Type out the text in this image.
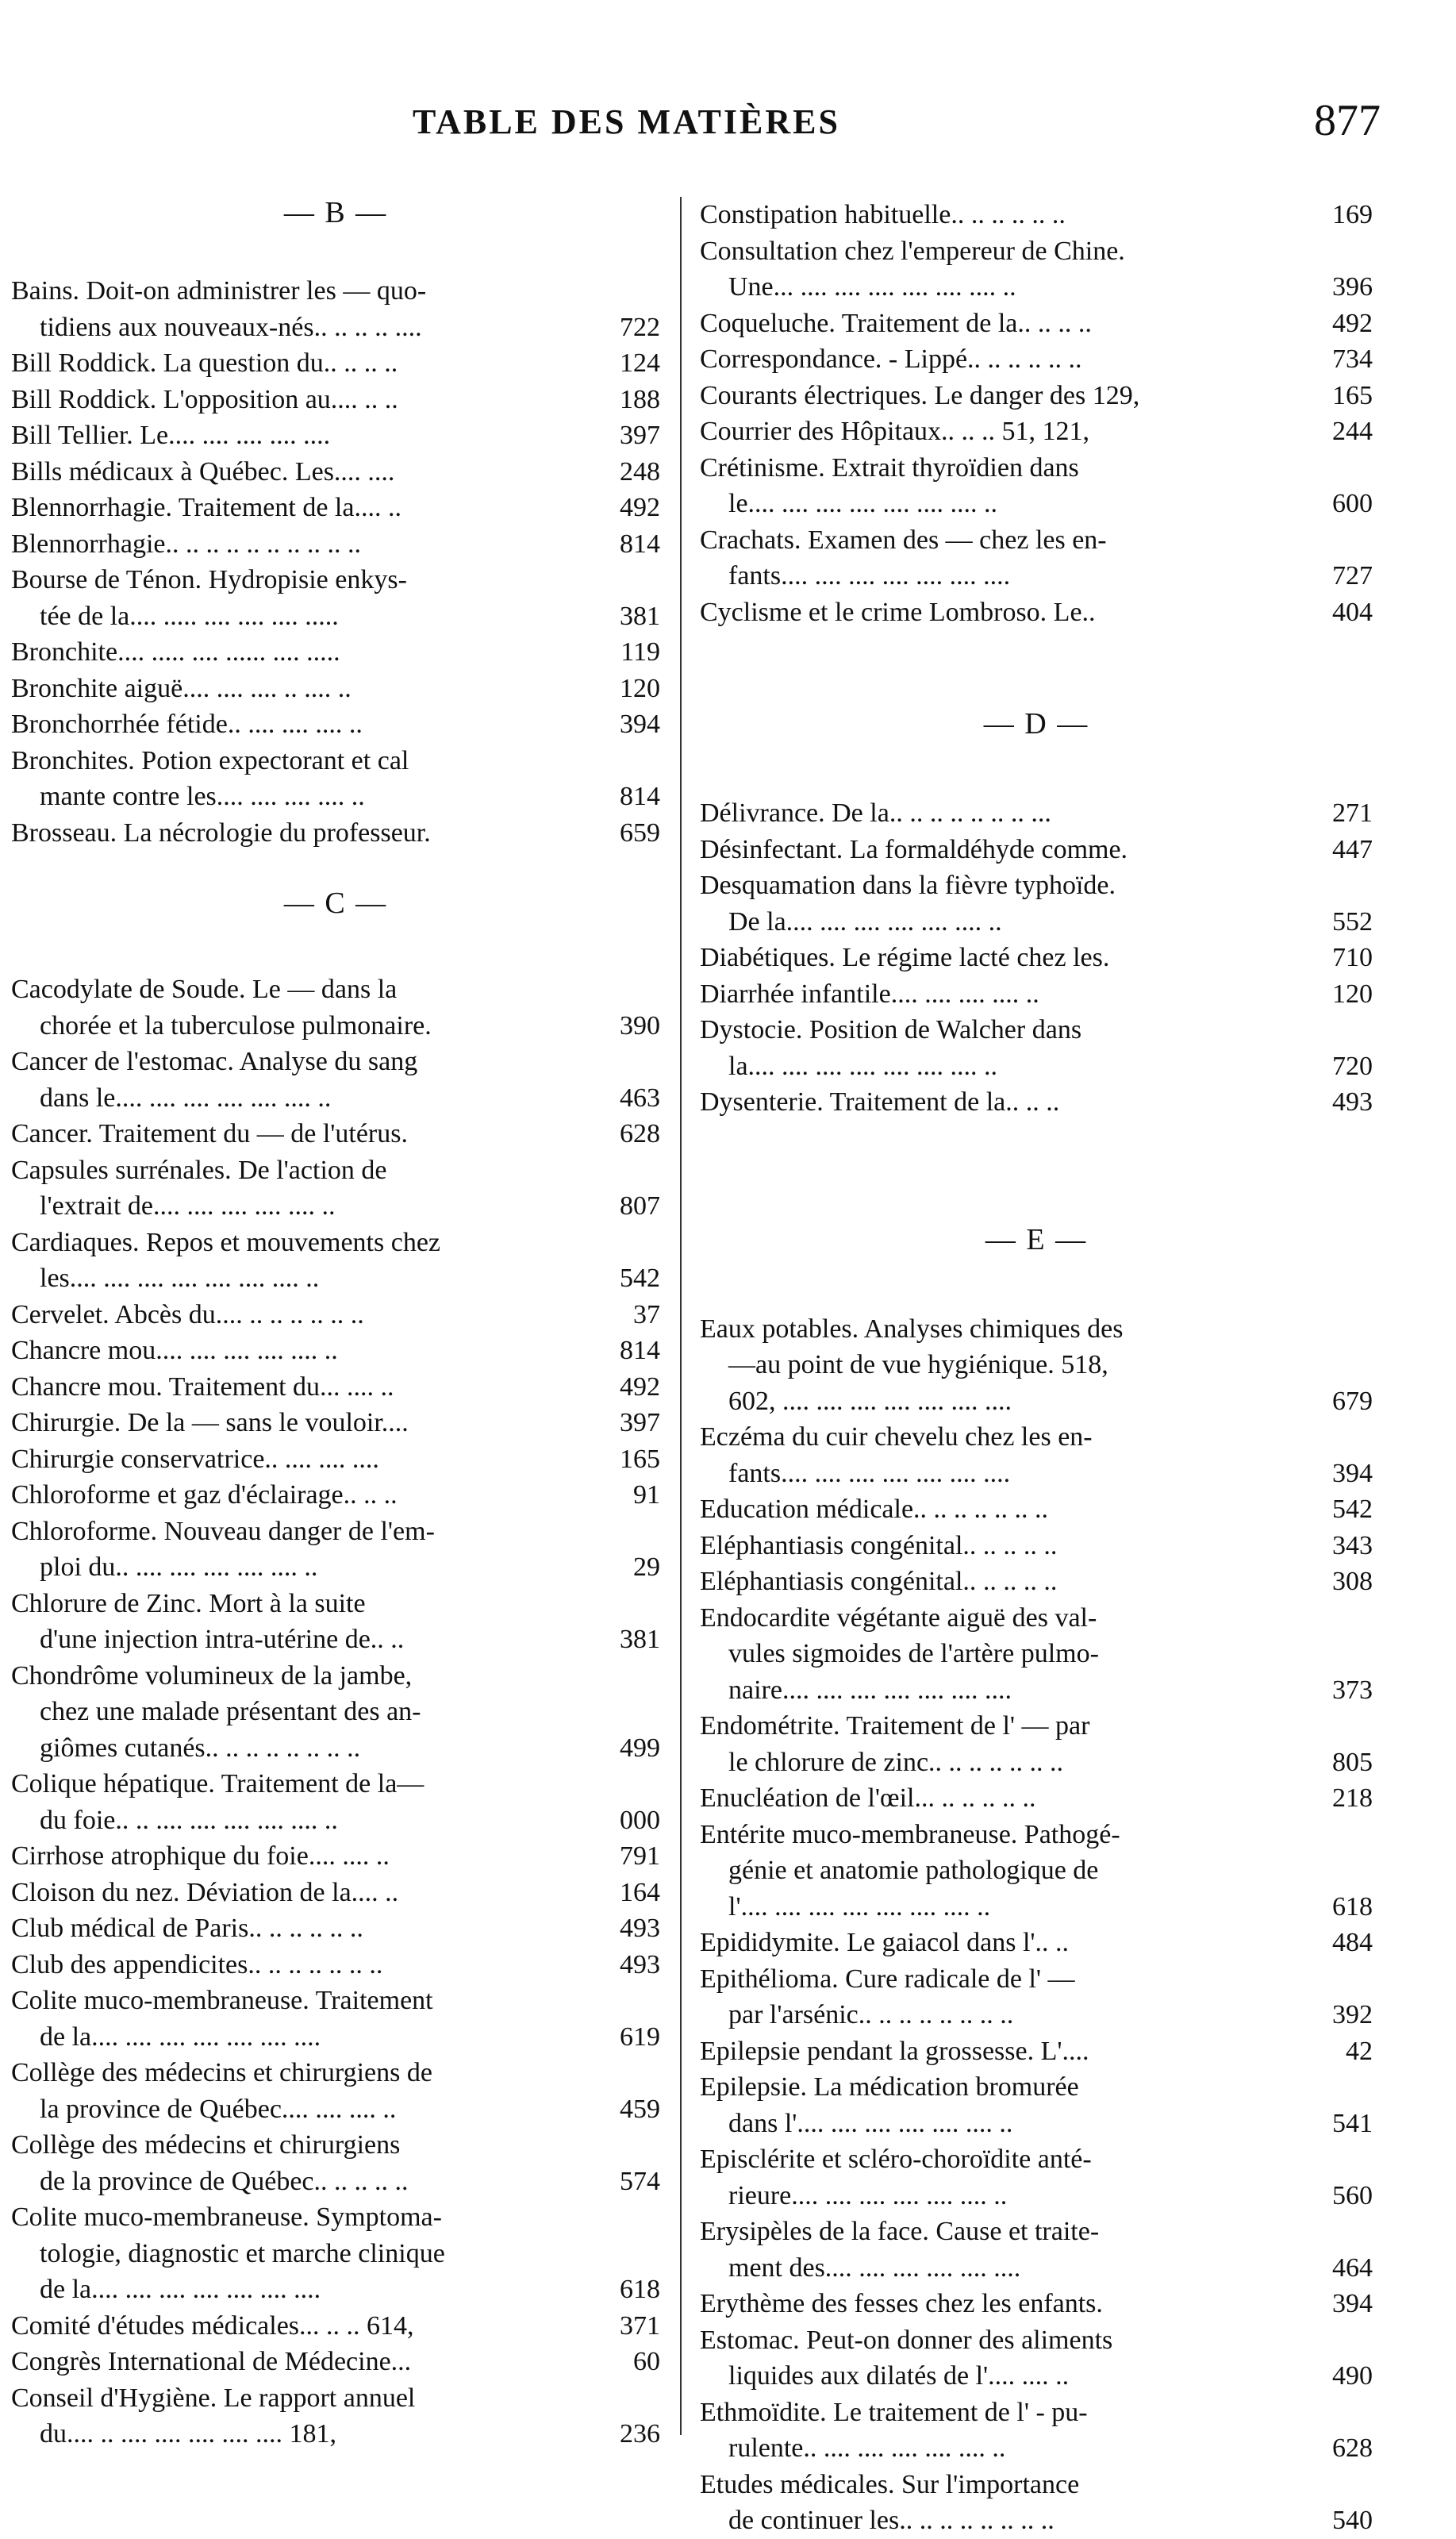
TABLE DES MATIÈRES	877
— B —
Bains. Doit-on administrer les — quo-
tidiens aux nouveaux-nés.. .. .. .. ....	722
Bill Roddick. La question du.. .. .. ..	124
Bill Roddick. L'opposition au.... .. ..	188
Bill Tellier. Le.... .... .... .... ....	397
Bills médicaux à Québec. Les.... ....	248
Blennorrhagie. Traitement de la.... ..	492
Blennorrhagie.. .. .. .. .. .. .. .. .. ..	814
Bourse de Ténon. Hydropisie enkys-
tée de la.... ..... .... .... .... .....	381
Bronchite.... ..... .... ...... .... .....	119
Bronchite aiguë.... .... .... .. .... ..	120
Bronchorrhée fétide.. .... .... .... ..	394
Bronchites. Potion expectorant et cal
mante contre les.... .... .... .... ..	814
Brosseau. La nécrologie du professeur.	659
— C —
Cacodylate de Soude. Le — dans la
chorée et la tuberculose pulmonaire.	390
Cancer de l'estomac. Analyse du sang
dans le.... .... .... .... .... .... ..	463
Cancer. Traitement du — de l'utérus.	628
Capsules surrénales. De l'action de
l'extrait de.... .... .... .... .... ..	807
Cardiaques. Repos et mouvements chez
les.... .... .... .... .... .... .... ..	542
Cervelet. Abcès du.... .. .. .. .. .. ..	37
Chancre mou.... .... .... .... .... ..	814
Chancre mou. Traitement du... .... ..	492
Chirurgie. De la — sans le vouloir....	397
Chirurgie conservatrice.. .... .... ....	165
Chloroforme et gaz d'éclairage.. .. ..	91
Chloroforme. Nouveau danger de l'em-
ploi du.. .... .... .... .... .... ..	29
Chlorure de Zinc. Mort à la suite
d'une injection intra-utérine de.. ..	381
Chondrôme volumineux de la jambe,
chez une malade présentant des an-
giômes cutanés.. .. .. .. .. .. .. ..	499
Colique hépatique. Traitement de la—
du foie.. .. .... .... .... .... .... ..	000
Cirrhose atrophique du foie.... .... ..	791
Cloison du nez. Déviation de la.... ..	164
Club médical de Paris.. .. .. .. .. ..	493
Club des appendicites.. .. .. .. .. .. ..	493
Colite muco-membraneuse. Traitement
de la.... .... .... .... .... .... ....	619
Collège des médecins et chirurgiens de
la province de Québec.... .... .... ..	459
Collège des médecins et chirurgiens
de la province de Québec.. .. .. .. ..	574
Colite muco-membraneuse. Symptoma-
tologie, diagnostic et marche clinique
de la.... .... .... .... .... .... ....	618
Comité d'études médicales... .. .. 614,	371
Congrès International de Médecine...	60
Conseil d'Hygiène. Le rapport annuel
du.... .. .... .... .... .... .... 181,	236
Constipation habituelle.. .. .. .. .. ..	169
Consultation chez l'empereur de Chine.
Une... .... .... .... .... .... .... ..	396
Coqueluche. Traitement de la.. .. .. ..	492
Correspondance. - Lippé.. .. .. .. .. ..	734
Courants électriques. Le danger des 129,	165
Courrier des Hôpitaux.. .. .. 51, 121,	244
Crétinisme. Extrait thyroïdien dans
le.... .... .... .... .... .... .... ..	600
Crachats. Examen des — chez les en-
fants.... .... .... .... .... .... ....	727
Cyclisme et le crime Lombroso. Le..	404
— D —
Délivrance. De la.. .. .. .. .. .. .. ...	271
Désinfectant. La formaldéhyde comme.	447
Desquamation dans la fièvre typhoïde.
De la.... .... .... .... .... .... ..	552
Diabétiques. Le régime lacté chez les.	710
Diarrhée infantile.... .... .... .... ..	120
Dystocie. Position de Walcher dans
la.... .... .... .... .... .... .... ..	720
Dysenterie. Traitement de la.. .. ..	493
— E —
Eaux potables. Analyses chimiques des
—au point de vue hygiénique. 518,
602, .... .... .... .... .... .... ....	679
Eczéma du cuir chevelu chez les en-
fants.... .... .... .... .... .... ....	394
Education médicale.. .. .. .. .. .. ..	542
Eléphantiasis congénital.. .. .. .. ..	343
Eléphantiasis congénital.. .. .. .. ..	308
Endocardite végétante aiguë des val-
vules sigmoides de l'artère pulmo-
naire.... .... .... .... .... .... ....	373
Endométrite. Traitement de l' — par
le chlorure de zinc.. .. .. .. .. .. ..	805
Enucléation de l'œil... .. .. .. .. ..	218
Entérite muco-membraneuse. Pathogé-
génie et anatomie pathologique de
l'.... .... .... .... .... .... .... ..	618
Epididymite. Le gaiacol dans l'.. ..	484
Epithélioma. Cure radicale de l' —
par l'arsénic.. .. .. .. .. .. .. ..	392
Epilepsie pendant la grossesse. L'....	42
Epilepsie. La médication bromurée
dans l'.... .... .... .... .... .... ..	541
Episclérite et scléro-choroïdite anté-
rieure.... .... .... .... .... .... ..	560
Erysipèles de la face. Cause et traite-
ment des.... .... .... .... .... ....	464
Erythème des fesses chez les enfants.	394
Estomac. Peut-on donner des aliments
liquides aux dilatés de l'.... .... ..	490
Ethmoïdite. Le traitement de l' - pu-
rulente.. .... .... .... .... .... ..	628
Etudes médicales. Sur l'importance
de continuer les.. .. .. .. .. .. .. ..	540
